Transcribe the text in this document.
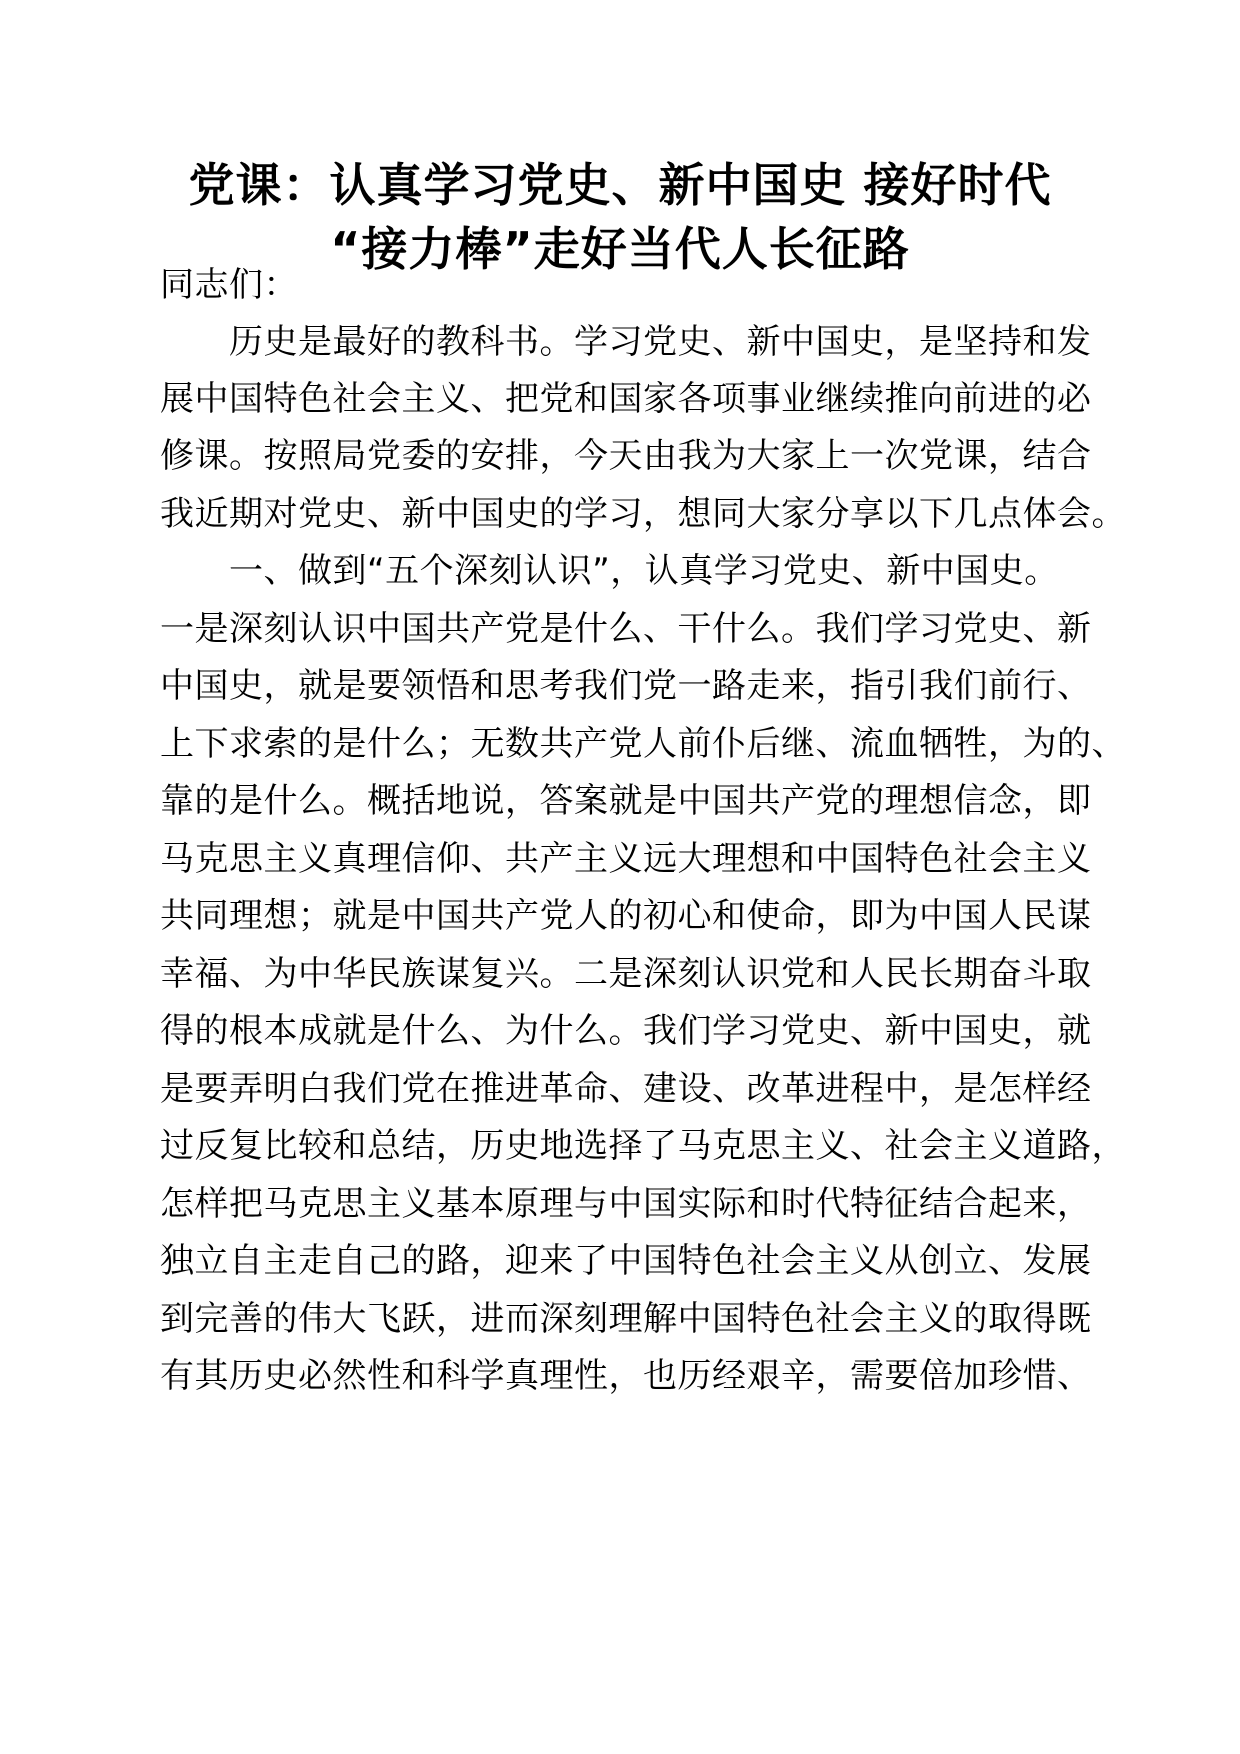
党课：认真学习党史、新中国史 接好时代
“接力棒”走好当代人长征路
同志们：
　　历史是最好的教科书。学习党史、新中国史，是坚持和发
展中国特色社会主义、把党和国家各项事业继续推向前进的必
修课。按照局党委的安排，今天由我为大家上一次党课，结合
我近期对党史、新中国史的学习，想同大家分享以下几点体会。
　　一、做到“五个深刻认识”，认真学习党史、新中国史。
一是深刻认识中国共产党是什么、干什么。我们学习党史、新
中国史，就是要领悟和思考我们党一路走来，指引我们前行、
上下求索的是什么；无数共产党人前仆后继、流血牺牲，为的、
靠的是什么。概括地说，答案就是中国共产党的理想信念，即
马克思主义真理信仰、共产主义远大理想和中国特色社会主义
共同理想；就是中国共产党人的初心和使命，即为中国人民谋
幸福、为中华民族谋复兴。二是深刻认识党和人民长期奋斗取
得的根本成就是什么、为什么。我们学习党史、新中国史，就
是要弄明白我们党在推进革命、建设、改革进程中，是怎样经
过反复比较和总结，历史地选择了马克思主义、社会主义道路，
怎样把马克思主义基本原理与中国实际和时代特征结合起来，
独立自主走自己的路，迎来了中国特色社会主义从创立、发展
到完善的伟大飞跃，进而深刻理解中国特色社会主义的取得既
有其历史必然性和科学真理性，也历经艰辛，需要倍加珍惜、
